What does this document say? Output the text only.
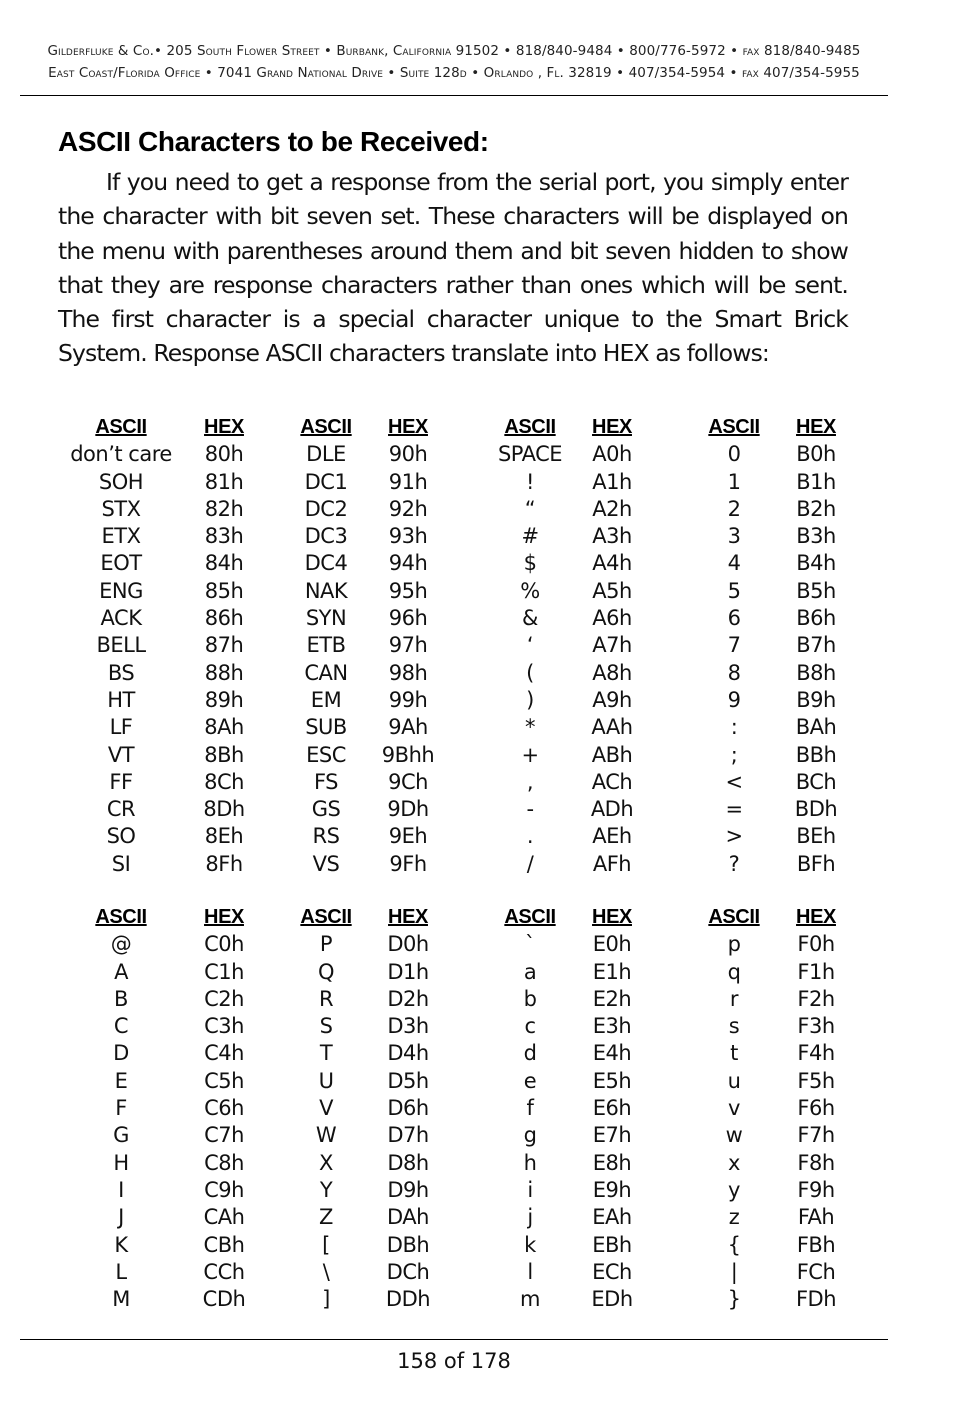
Gilderfluke & Co.• 205 South Flower Street • Burbank, California 91502 • 818/840-9484 • 800/776-5972 • fax 818/840-9485
East Coast/Florida Office • 7041 Grand National Drive • Suite 128d • Orlando , Fl. 32819 • 407/354-5954 • fax 407/354-5955
ASCII Characters to be Received:

If you need to get a response from the serial port, you simply enter the character with bit seven set. These characters will be displayed on the menu with parentheses around them and bit seven hidden to show that they are response characters rather than ones which will be sent. The first character is a special character unique to the Smart Brick System. Response ASCII characters translate into HEX as follows:

ASCII	HEX	ASCII	HEX	ASCII	HEX	ASCII	HEX
don’t care	80h	DLE	90h	SPACE	A0h	0	B0h
SOH	81h	DC1	91h	!	A1h	1	B1h
STX	82h	DC2	92h	“	A2h	2	B2h
ETX	83h	DC3	93h	#	A3h	3	B3h
EOT	84h	DC4	94h	$	A4h	4	B4h
ENG	85h	NAK	95h	%	A5h	5	B5h
ACK	86h	SYN	96h	&	A6h	6	B6h
BELL	87h	ETB	97h	‘	A7h	7	B7h
BS	88h	CAN	98h	(	A8h	8	B8h
HT	89h	EM	99h	)	A9h	9	B9h
LF	8Ah	SUB	9Ah	*	AAh	:	BAh
VT	8Bh	ESC	9Bhh	+	ABh	;	BBh
FF	8Ch	FS	9Ch	,	ACh	<	BCh
CR	8Dh	GS	9Dh	-	ADh	=	BDh
SO	8Eh	RS	9Eh	.	AEh	>	BEh
SI	8Fh	VS	9Fh	/	AFh	?	BFh
ASCII	HEX	ASCII	HEX	ASCII	HEX	ASCII	HEX
@	C0h	P	D0h	`	E0h	p	F0h
A	C1h	Q	D1h	a	E1h	q	F1h
B	C2h	R	D2h	b	E2h	r	F2h
C	C3h	S	D3h	c	E3h	s	F3h
D	C4h	T	D4h	d	E4h	t	F4h
E	C5h	U	D5h	e	E5h	u	F5h
F	C6h	V	D6h	f	E6h	v	F6h
G	C7h	W	D7h	g	E7h	w	F7h
H	C8h	X	D8h	h	E8h	x	F8h
I	C9h	Y	D9h	i	E9h	y	F9h
J	CAh	Z	DAh	j	EAh	z	FAh
K	CBh	[	DBh	k	EBh	{	FBh
L	CCh	\	DCh	l	ECh	|	FCh
M	CDh	]	DDh	m	EDh	}	FDh
158 of 178
